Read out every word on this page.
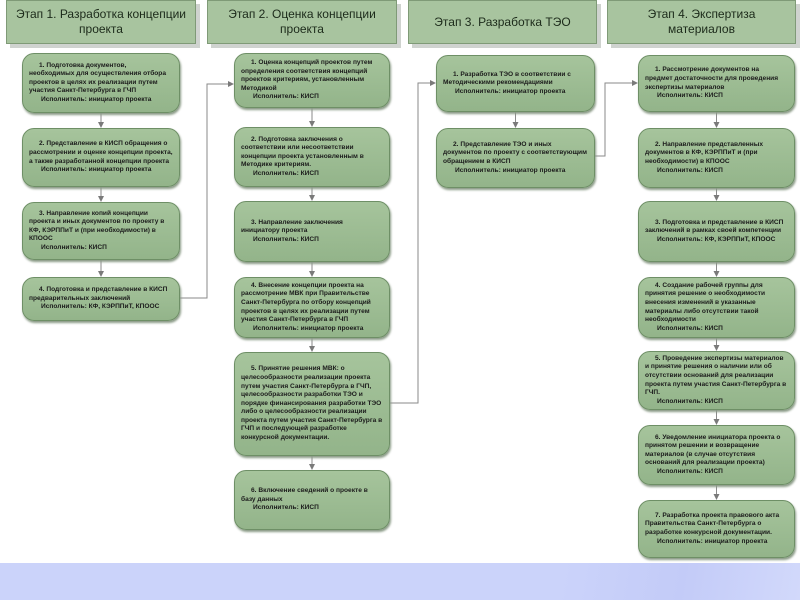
Этап 1. Разработка концепции проекта
1. Подготовка документов, необходимых для осуществления отбора проектов в целях их реализации путем участия Санкт-Петербурга в ГЧП
Исполнитель: инициатор проекта
2. Представление в КИСП обращения о рассмотрении и оценке концепции проекта, а также разработанной концепции проекта
Исполнитель: инициатор проекта
3. Направление копий концепции проекта и иных документов по проекту в КФ, КЭРППиТ и (при необходимости) в КПООС
Исполнитель: КИСП
4. Подготовка и представление в КИСП предварительных заключений
Исполнитель: КФ, КЭРППиТ, КПООС
Этап 2. Оценка концепции проекта
1. Оценка концепций проектов путем определения соответствия концепций проектов критериям, установленным Методикой
Исполнитель: КИСП
2. Подготовка заключения о соответствии или несоответствии концепции проекта установленным в Методике критериям.
Исполнитель: КИСП
3. Направление заключения инициатору проекта
Исполнитель: КИСП
4. Внесение концепции проекта на рассмотрение МВК при Правительстве Санкт-Петербурга по отбору концепций проектов в целях их реализации путем участия Санкт-Петербурга в ГЧП
Исполнитель: инициатор проекта
5. Принятие решения МВК: о целесообразности реализации проекта путем участия Санкт-Петербурга в ГЧП, целесообразности разработки ТЭО и порядке финансирования разработки ТЭО либо о целесообразности реализации проекта путем участия Санкт-Петербурга в ГЧП и последующей разработке конкурсной документации.
6. Включение сведений о проекте в базу данных
Исполнитель: КИСП
Этап 3. Разработка ТЭО
1. Разработка ТЭО в соответствии с Методическими рекомендациями
Исполнитель: инициатор проекта
2. Представление ТЭО и иных документов по проекту с соответствующим обращением в КИСП
Исполнитель: инициатор проекта
Этап 4. Экспертиза материалов
1. Рассмотрение документов на предмет достаточности для проведения экспертизы материалов
Исполнитель: КИСП
2. Направление представленных документов в КФ, КЭРППиТ и (при необходимости) в КПООС
Исполнитель: КИСП
3. Подготовка и представление в КИСП заключений в рамках своей компетенции
Исполнитель: КФ, КЭРППиТ, КПООС
4. Создание рабочей группы для принятия решение о необходимости внесения изменений в указанные материалы либо отсутствии такой необходимости
Исполнитель: КИСП
5. Проведение экспертизы материалов и принятие решения о наличии или об отсутствии оснований для реализации проекта путем участия Санкт-Петербурга в ГЧП.
Исполнитель: КИСП
6. Уведомление инициатора проекта о принятом решении и возвращение материалов (в случае отсутствия оснований для реализации проекта)
Исполнитель: КИСП
7. Разработка проекта правового акта Правительства Санкт-Петербурга о разработке конкурсной документации.
Исполнитель: инициатор проекта
